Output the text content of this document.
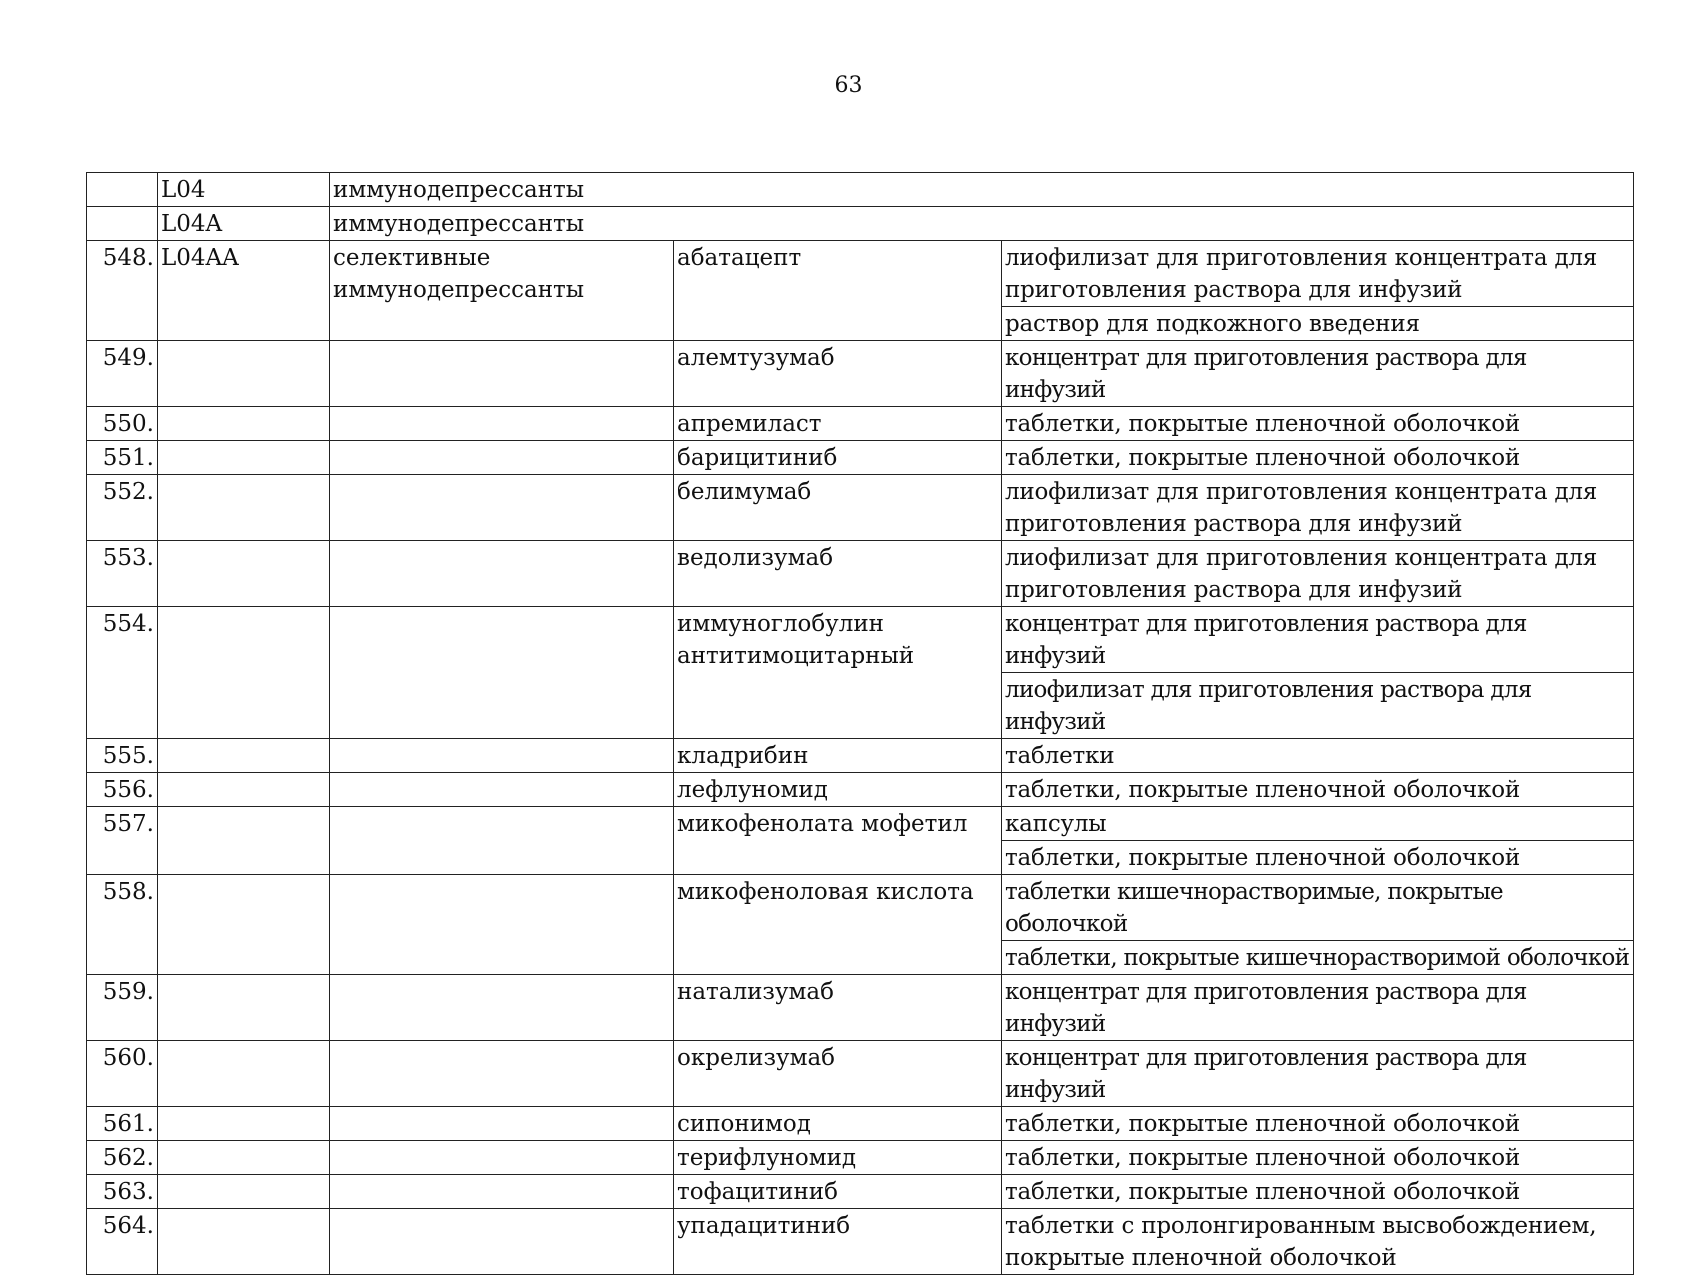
63
	L04	иммунодепрессанты		
	L04A	иммунодепрессанты		
548.	L04AA	селективные иммунодепрессанты	абатацепт	лиофилизат для приготовления концентрата для приготовления раствора для инфузий
				раствор для подкожного введения
549.			алемтузумаб	концентрат для приготовления раствора для инфузий
550.			апремиласт	таблетки, покрытые пленочной оболочкой
551.			барицитиниб	таблетки, покрытые пленочной оболочкой
552.			белимумаб	лиофилизат для приготовления концентрата для приготовления раствора для инфузий
553.			ведолизумаб	лиофилизат для приготовления концентрата для приготовления раствора для инфузий
554.			иммуноглобулин антитимоцитарный	концентрат для приготовления раствора для инфузий
				лиофилизат для приготовления раствора для инфузий
555.			кладрибин	таблетки
556.			лефлуномид	таблетки, покрытые пленочной оболочкой
557.			микофенолата мофетил	капсулы
				таблетки, покрытые пленочной оболочкой
558.			микофеноловая кислота	таблетки кишечнорастворимые, покрытые оболочкой
				таблетки, покрытые кишечнорастворимой оболочкой
559.			натализумаб	концентрат для приготовления раствора для инфузий
560.			окрелизумаб	концентрат для приготовления раствора для инфузий
561.			сипонимод	таблетки, покрытые пленочной оболочкой
562.			терифлуномид	таблетки, покрытые пленочной оболочкой
563.			тофацитиниб	таблетки, покрытые пленочной оболочкой
564.			упадацитиниб	таблетки с пролонгированным высвобождением, покрытые пленочной оболочкой
